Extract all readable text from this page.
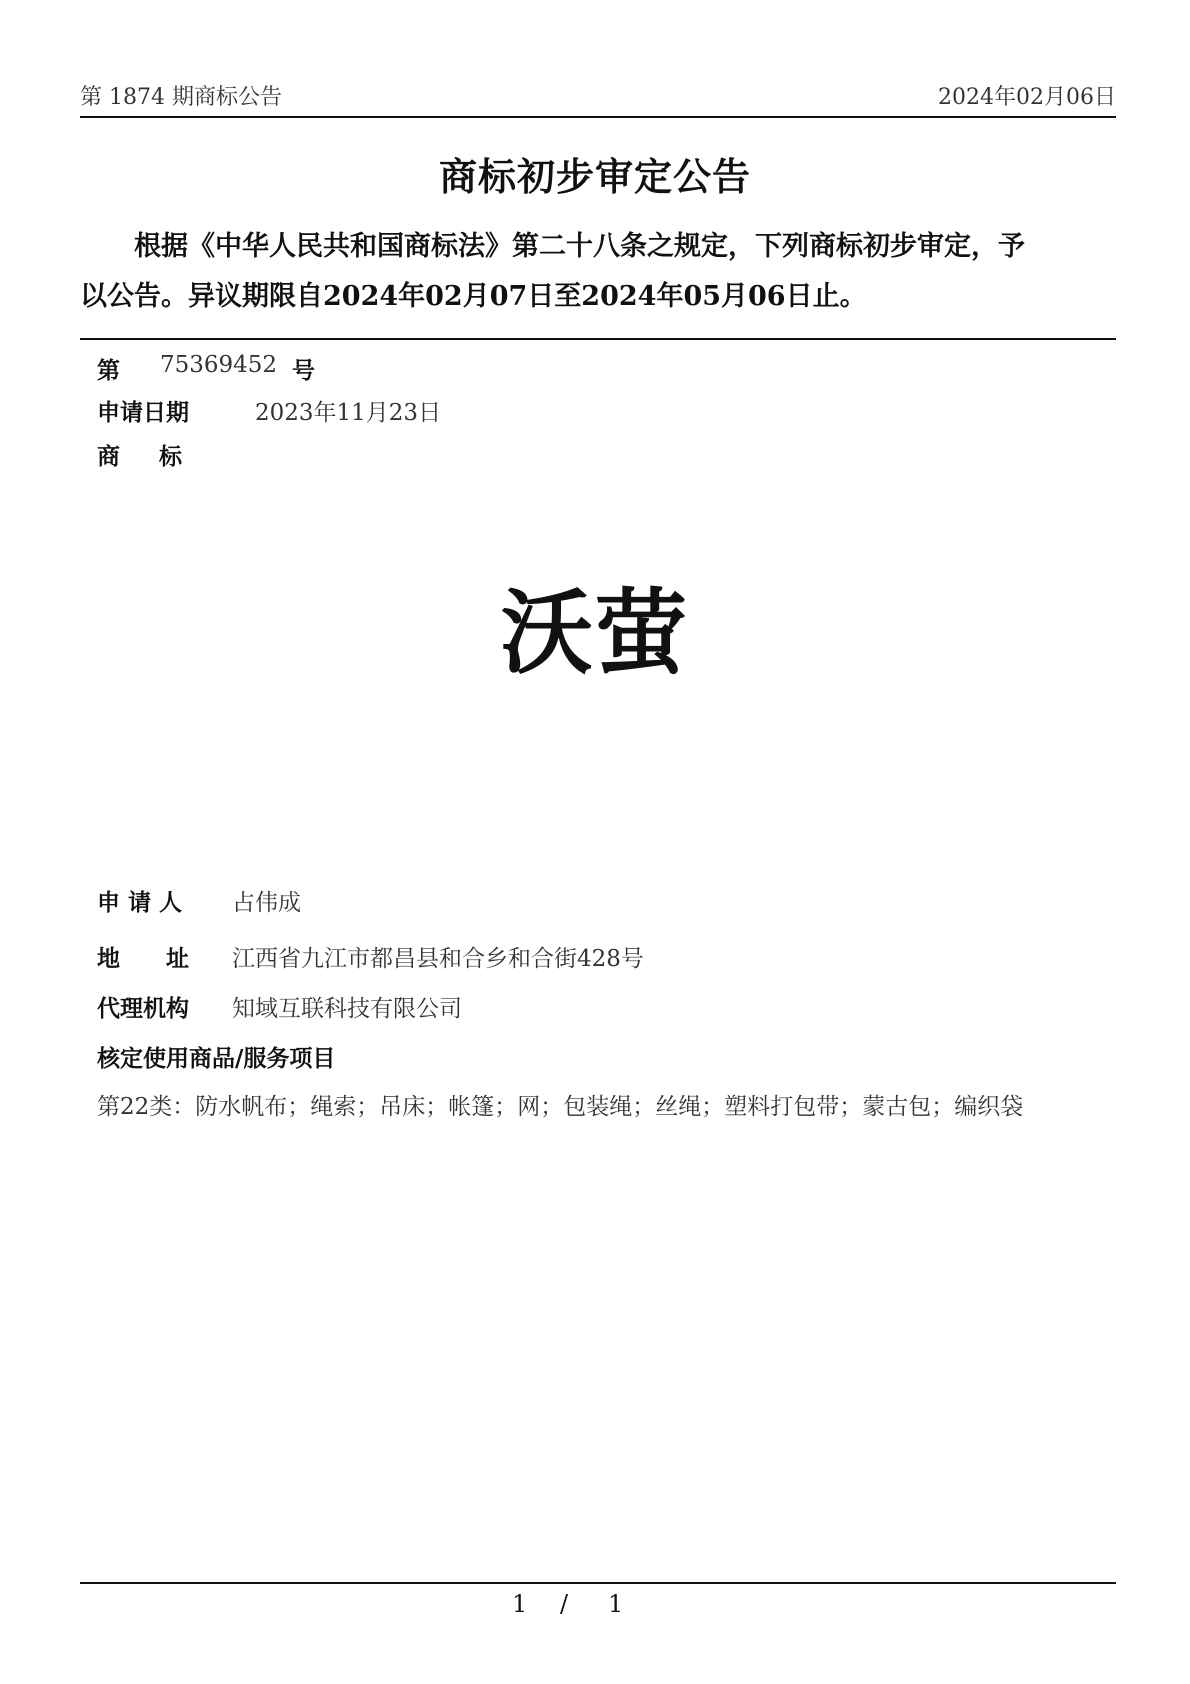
第 1874 期商标公告	2024年02月06日
商标初步审定公告

根据《中华人民共和国商标法》第二十八条之规定，下列商标初步审定，予

以公告。异议期限自2024年02月07日至2024年05月06日止。

第 75369452 号
申请日期	2023年11月23日
商　标
沃萤
申 请 人 占伟成
地　　址 江西省九江市都昌县和合乡和合街428号
代理机构 知域互联科技有限公司
核定使用商品/服务项目
第22类：防水帆布；绳索；吊床；帐篷；网；包装绳；丝绳；塑料打包带；蒙古包；编织袋
1 / 1
